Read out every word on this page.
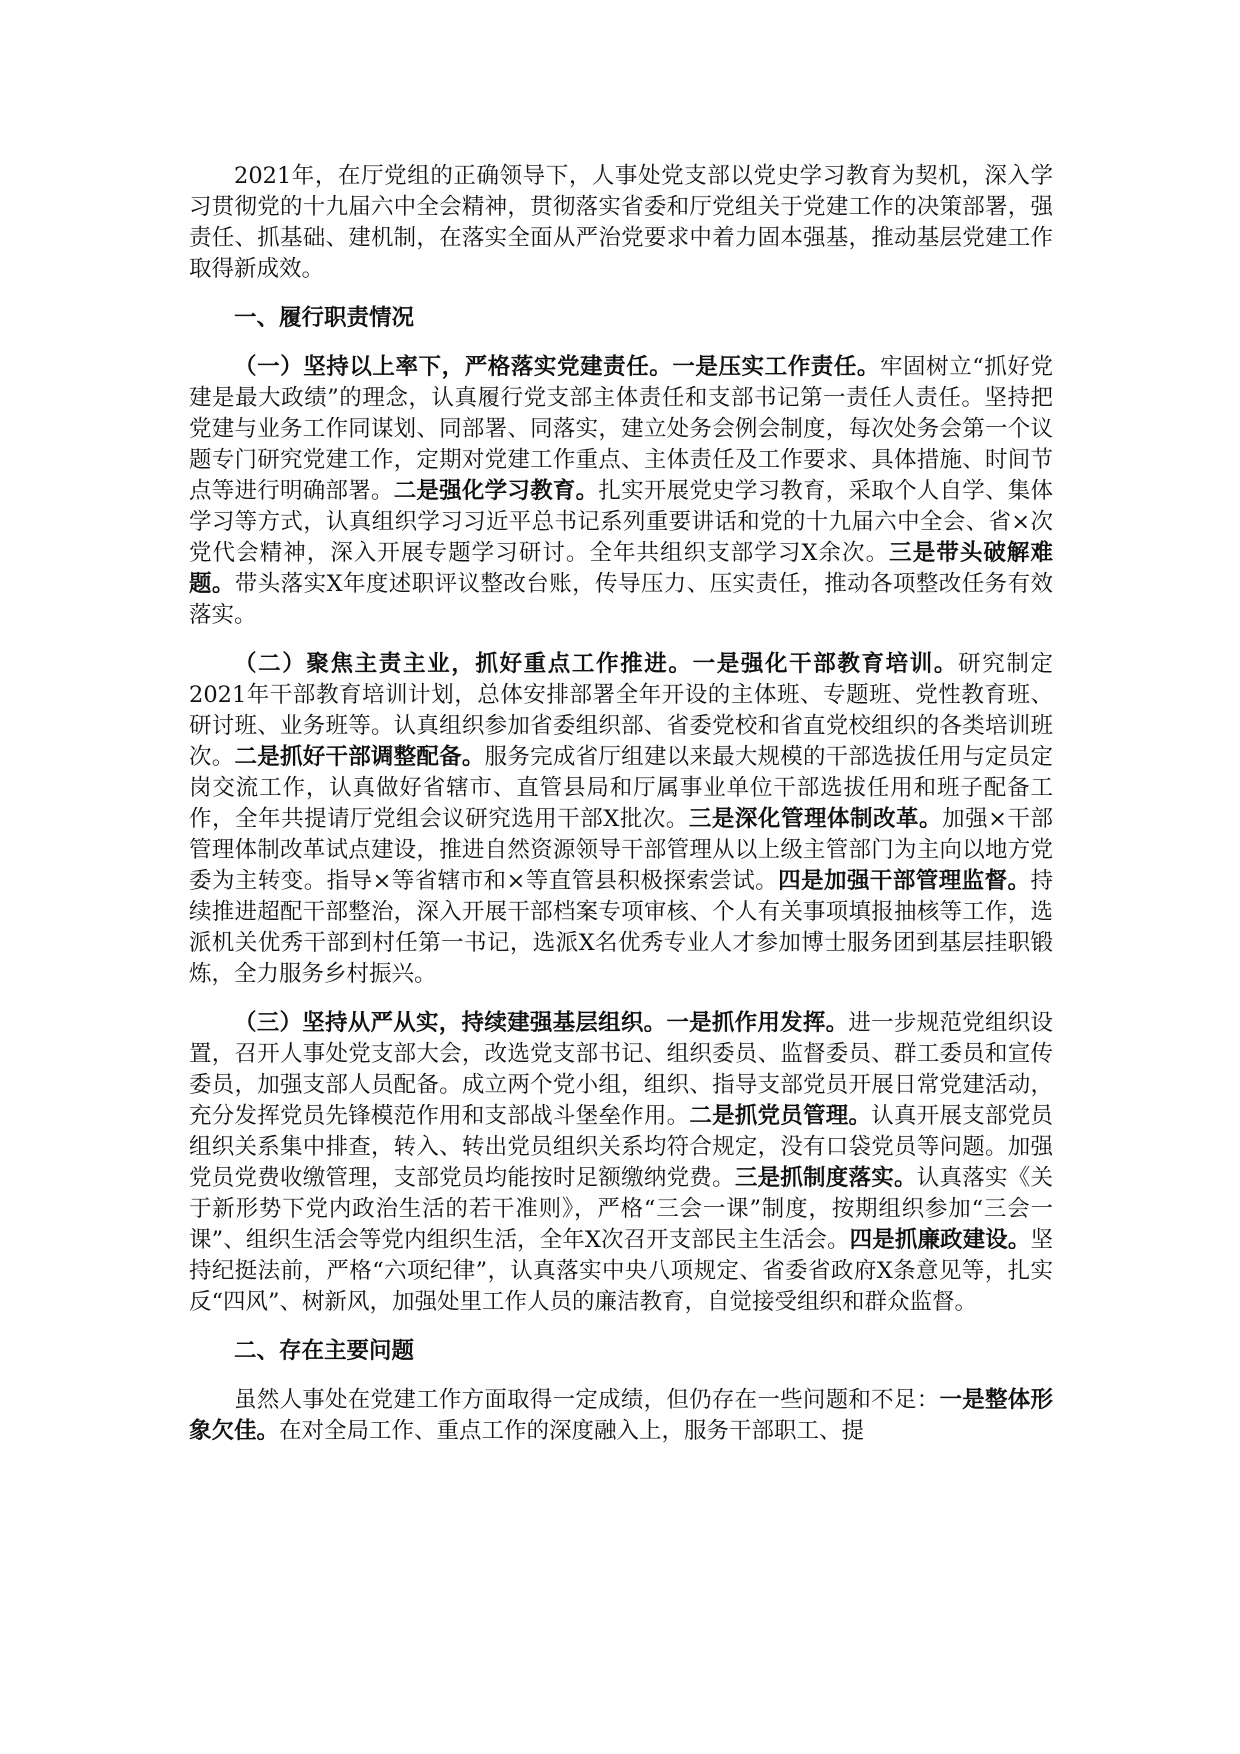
2021年，在厅党组的正确领导下，人事处党支部以党史学习教育为契机，深入学习贯彻党的十九届六中全会精神，贯彻落实省委和厅党组关于党建工作的决策部署，强责任、抓基础、建机制，在落实全面从严治党要求中着力固本强基，推动基层党建工作取得新成效。

一、履行职责情况

（一）坚持以上率下，严格落实党建责任。一是压实工作责任。牢固树立“抓好党建是最大政绩”的理念，认真履行党支部主体责任和支部书记第一责任人责任。坚持把党建与业务工作同谋划、同部署、同落实，建立处务会例会制度，每次处务会第一个议题专门研究党建工作，定期对党建工作重点、主体责任及工作要求、具体措施、时间节点等进行明确部署。二是强化学习教育。扎实开展党史学习教育，采取个人自学、集体学习等方式，认真组织学习习近平总书记系列重要讲话和党的十九届六中全会、省×次党代会精神，深入开展专题学习研讨。全年共组织支部学习X余次。三是带头破解难题。带头落实X年度述职评议整改台账，传导压力、压实责任，推动各项整改任务有效落实。

（二）聚焦主责主业，抓好重点工作推进。一是强化干部教育培训。研究制定2021年干部教育培训计划，总体安排部署全年开设的主体班、专题班、党性教育班、研讨班、业务班等。认真组织参加省委组织部、省委党校和省直党校组织的各类培训班次。二是抓好干部调整配备。服务完成省厅组建以来最大规模的干部选拔任用与定员定岗交流工作，认真做好省辖市、直管县局和厅属事业单位干部选拔任用和班子配备工作，全年共提请厅党组会议研究选用干部X批次。三是深化管理体制改革。加强×干部管理体制改革试点建设，推进自然资源领导干部管理从以上级主管部门为主向以地方党委为主转变。指导×等省辖市和×等直管县积极探索尝试。四是加强干部管理监督。持续推进超配干部整治，深入开展干部档案专项审核、个人有关事项填报抽核等工作，选派机关优秀干部到村任第一书记，选派X名优秀专业人才参加博士服务团到基层挂职锻炼，全力服务乡村振兴。

（三）坚持从严从实，持续建强基层组织。一是抓作用发挥。进一步规范党组织设置，召开人事处党支部大会，改选党支部书记、组织委员、监督委员、群工委员和宣传委员，加强支部人员配备。成立两个党小组，组织、指导支部党员开展日常党建活动，充分发挥党员先锋模范作用和支部战斗堡垒作用。二是抓党员管理。认真开展支部党员组织关系集中排查，转入、转出党员组织关系均符合规定，没有口袋党员等问题。加强党员党费收缴管理，支部党员均能按时足额缴纳党费。三是抓制度落实。认真落实《关于新形势下党内政治生活的若干准则》，严格“三会一课”制度，按期组织参加“三会一课”、组织生活会等党内组织生活，全年X次召开支部民主生活会。四是抓廉政建设。坚持纪挺法前，严格“六项纪律”，认真落实中央八项规定、省委省政府X条意见等，扎实反“四风”、树新风，加强处里工作人员的廉洁教育，自觉接受组织和群众监督。

二、存在主要问题

虽然人事处在党建工作方面取得一定成绩，但仍存在一些问题和不足：一是整体形象欠佳。在对全局工作、重点工作的深度融入上，服务干部职工、提
